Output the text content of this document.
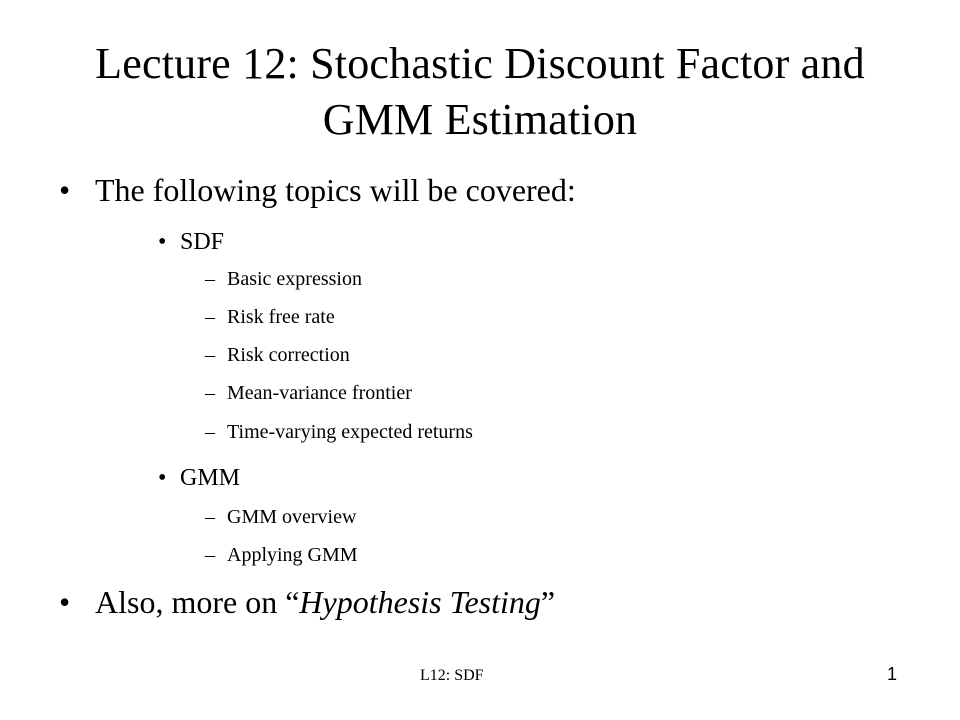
Lecture 12: Stochastic Discount Factor and
GMM Estimation
• The following topics will be covered:
• SDF
– Basic expression
– Risk free rate
– Risk correction
– Mean-variance frontier
– Time-varying expected returns
• GMM
– GMM overview
– Applying GMM
• Also, more on “Hypothesis Testing”
L12: SDF	1
